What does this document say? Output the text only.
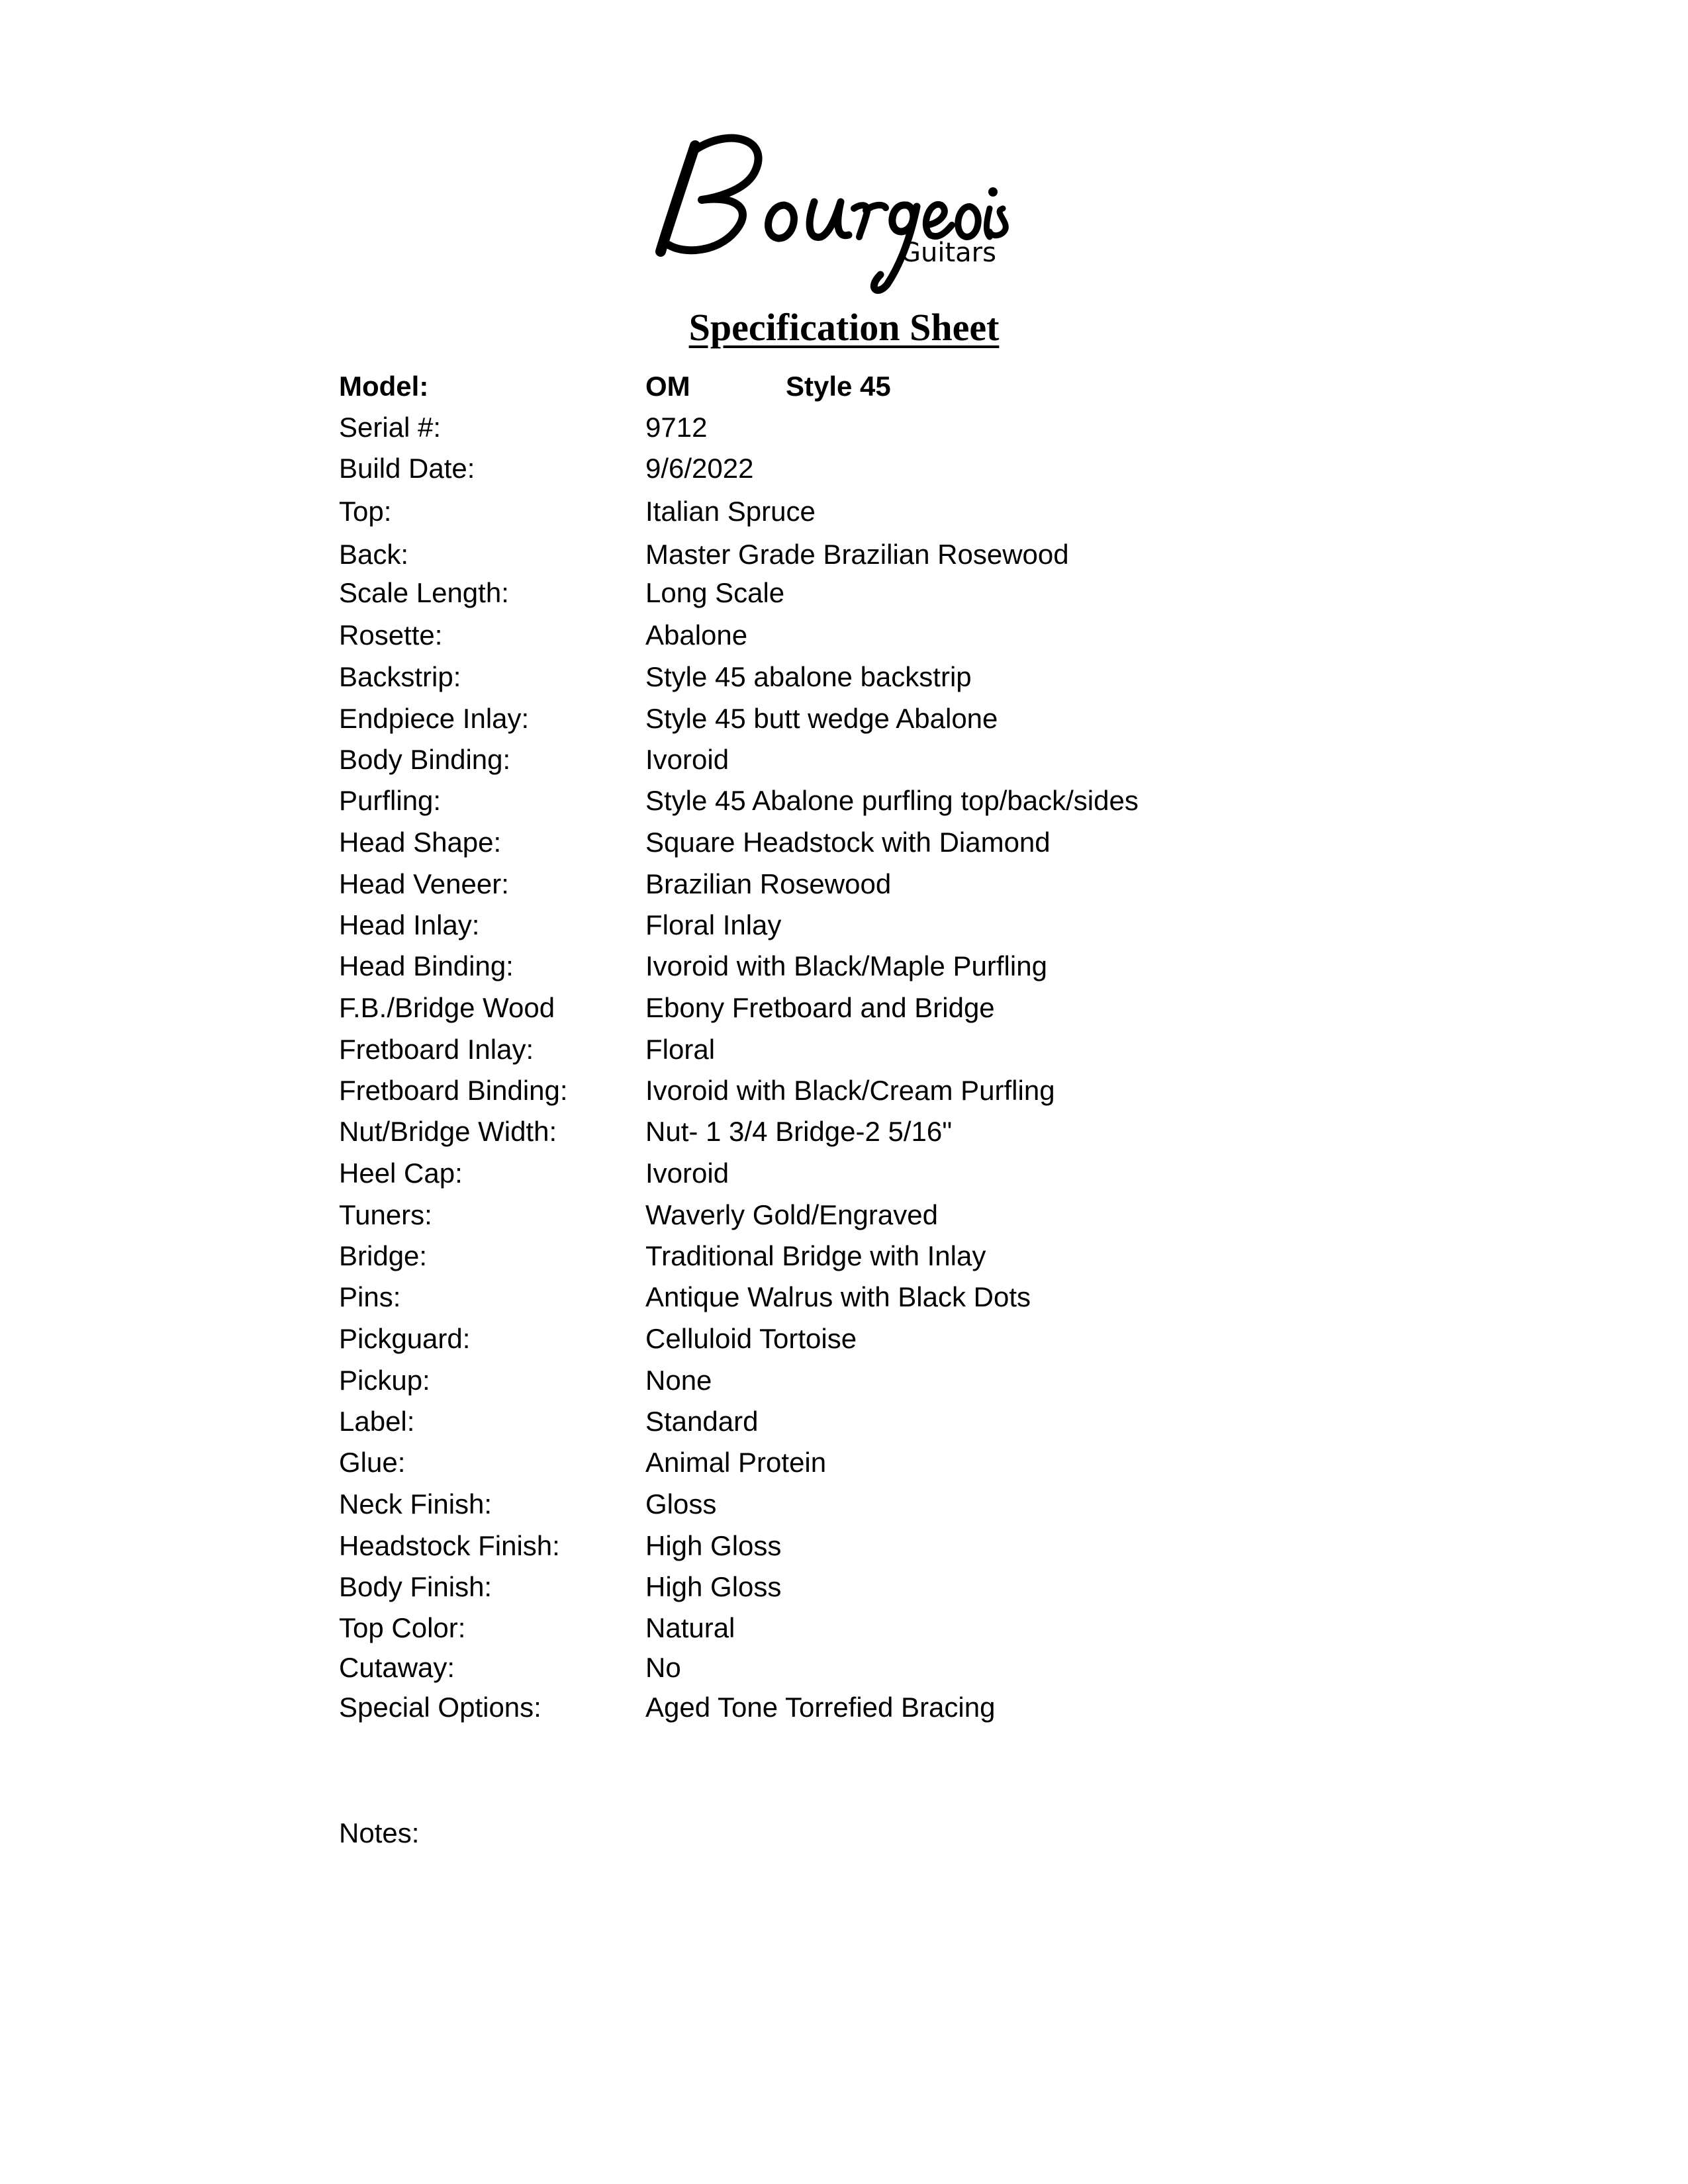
Guitars
Specification Sheet
Model:	OM	Style 45
Serial #:	9712
Build Date:	9/6/2022
Top:	Italian Spruce
Back:	Master Grade Brazilian Rosewood
Scale Length:	Long Scale
Rosette:	Abalone
Backstrip:	Style 45 abalone backstrip
Endpiece Inlay:	Style 45 butt wedge Abalone
Body Binding:	Ivoroid
Purfling:	Style 45 Abalone purfling top/back/sides
Head Shape:	Square Headstock with Diamond
Head Veneer:	Brazilian Rosewood
Head Inlay:	Floral Inlay
Head Binding:	Ivoroid with Black/Maple Purfling
F.B./Bridge Wood	Ebony Fretboard and Bridge
Fretboard Inlay:	Floral
Fretboard Binding:	Ivoroid with Black/Cream Purfling
Nut/Bridge Width:	Nut- 1 3/4 Bridge-2 5/16"
Heel Cap:	Ivoroid
Tuners:	Waverly Gold/Engraved
Bridge:	Traditional Bridge with Inlay
Pins:	Antique Walrus with Black Dots
Pickguard:	Celluloid Tortoise
Pickup:	None
Label:	Standard
Glue:	Animal Protein
Neck Finish:	Gloss
Headstock Finish:	High Gloss
Body Finish:	High Gloss
Top Color:	Natural
Cutaway:	No
Special Options:	Aged Tone Torrefied Bracing
Notes:
